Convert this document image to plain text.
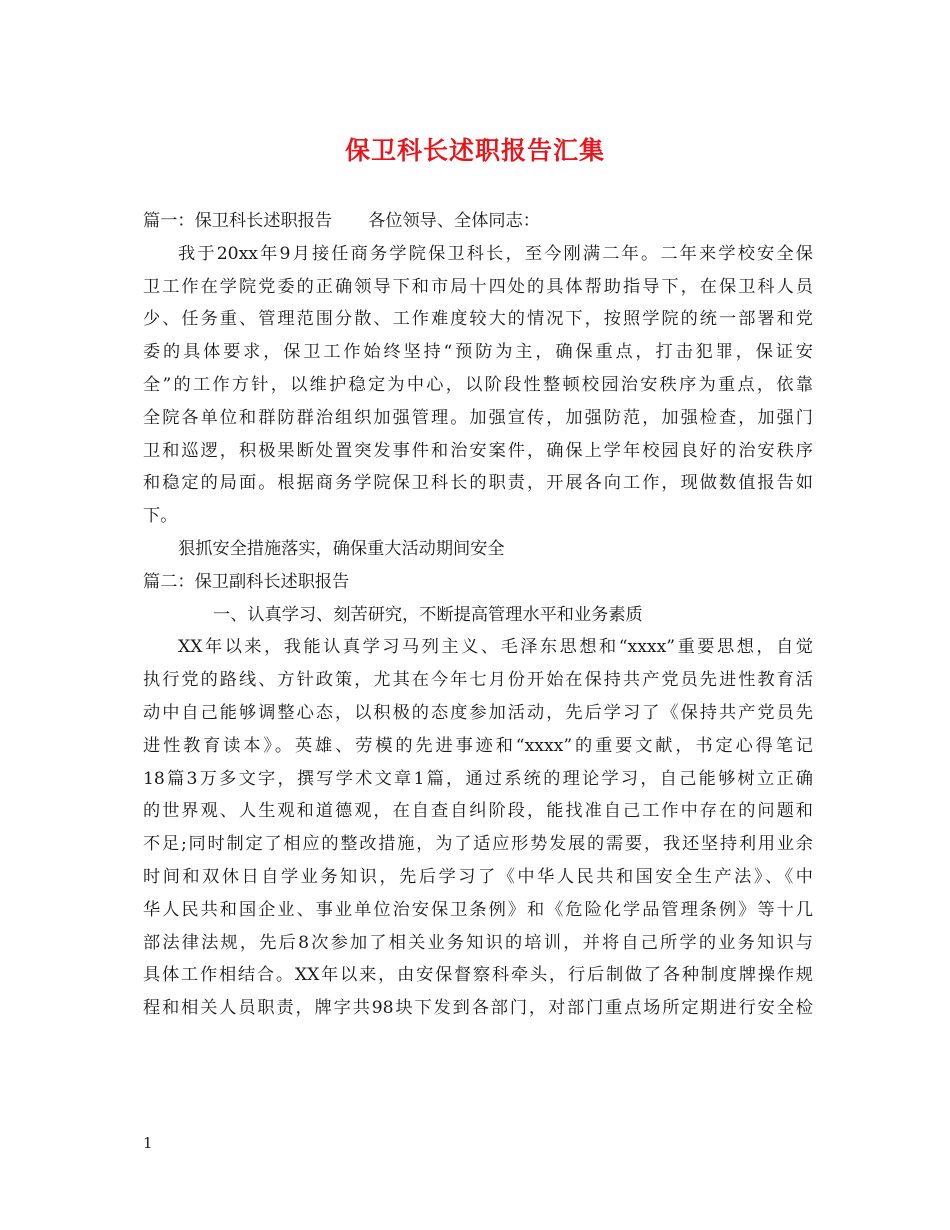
保卫科长述职报告汇集
篇一：保卫科长述职报告 各位领导、全体同志：
我于20xx年9月接任商务学院保卫科长，至今刚满二年。二年来学校安全保
卫工作在学院党委的正确领导下和市局十四处的具体帮助指导下，在保卫科人员
少、任务重、管理范围分散、工作难度较大的情况下，按照学院的统一部署和党
委的具体要求，保卫工作始终坚持“预防为主，确保重点，打击犯罪，保证安
全”的工作方针，以维护稳定为中心，以阶段性整顿校园治安秩序为重点，依靠
全院各单位和群防群治组织加强管理。加强宣传，加强防范，加强检查，加强门
卫和巡逻，积极果断处置突发事件和治安案件，确保上学年校园良好的治安秩序
和稳定的局面。根据商务学院保卫科长的职责，开展各向工作，现做数值报告如
下。
狠抓安全措施落实，确保重大活动期间安全
篇二：保卫副科长述职报告
一、认真学习、刻苦研究，不断提高管理水平和业务素质
XX年以来，我能认真学习马列主义、毛泽东思想和“xxxx”重要思想，自觉
执行党的路线、方针政策，尤其在今年七月份开始在保持共产党员先进性教育活
动中自己能够调整心态，以积极的态度参加活动，先后学习了《保持共产党员先
进性教育读本》。英雄、劳模的先进事迹和“xxxx”的重要文献，书定心得笔记
18篇3万多文字，撰写学术文章1篇，通过系统的理论学习，自己能够树立正确
的世界观、人生观和道德观，在自查自纠阶段，能找准自己工作中存在的问题和
不足;同时制定了相应的整改措施，为了适应形势发展的需要，我还坚持利用业余
时间和双休日自学业务知识，先后学习了《中华人民共和国安全生产法》、《中
华人民共和国企业、事业单位治安保卫条例》和《危险化学品管理条例》等十几
部法律法规，先后8次参加了相关业务知识的培训，并将自己所学的业务知识与
具体工作相结合。XX年以来，由安保督察科牵头，行后制做了各种制度牌操作规
程和相关人员职责，牌字共98块下发到各部门，对部门重点场所定期进行安全检
1
